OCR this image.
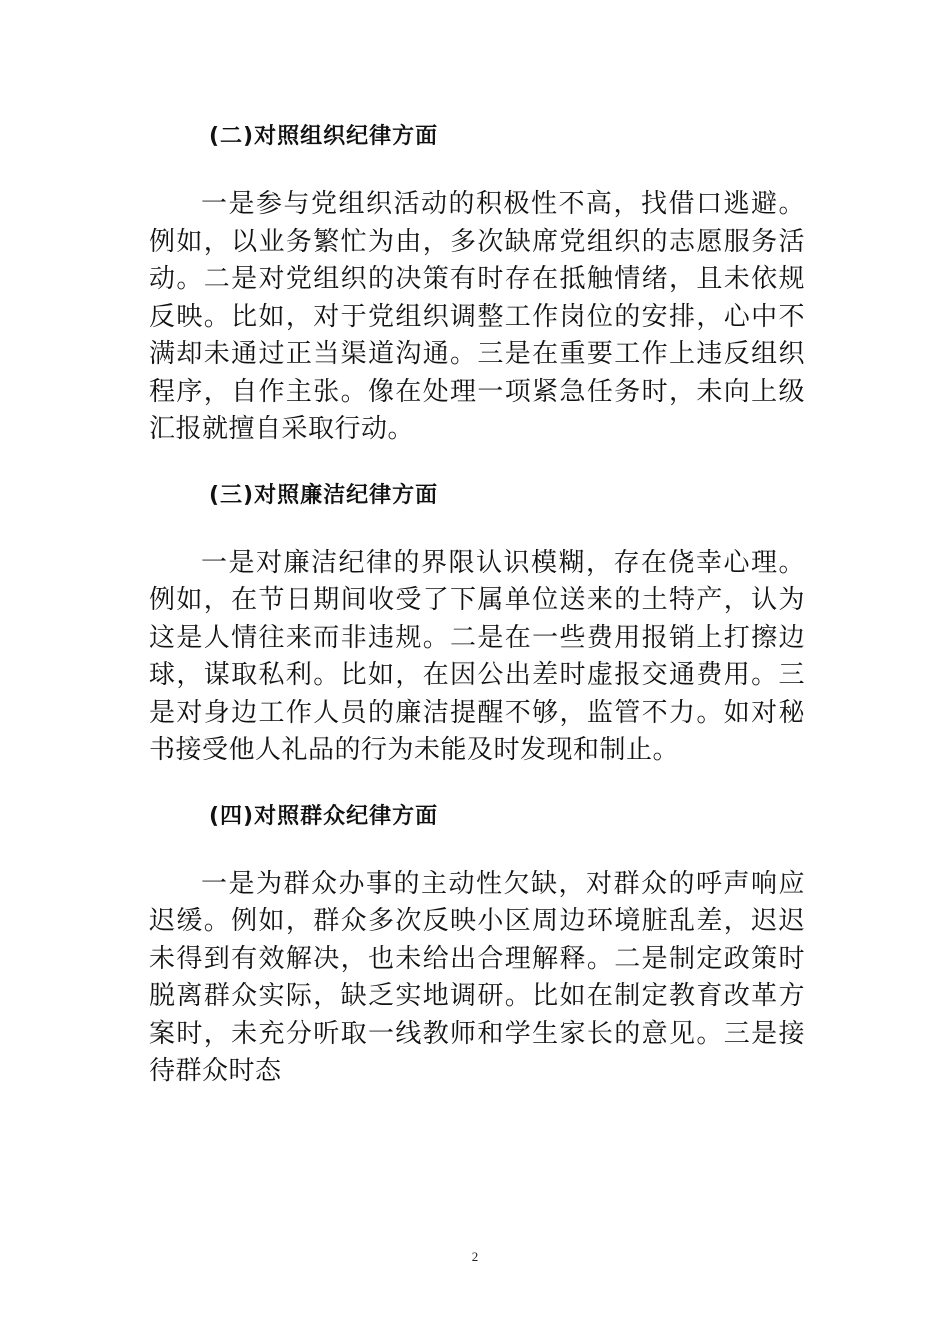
(二)对照组织纪律方面

一是参与党组织活动的积极性不高，找借口逃避。例如，以业务繁忙为由，多次缺席党组织的志愿服务活动。二是对党组织的决策有时存在抵触情绪，且未依规反映。比如，对于党组织调整工作岗位的安排，心中不满却未通过正当渠道沟通。三是在重要工作上违反组织程序，自作主张。像在处理一项紧急任务时，未向上级汇报就擅自采取行动。

(三)对照廉洁纪律方面

一是对廉洁纪律的界限认识模糊，存在侥幸心理。例如，在节日期间收受了下属单位送来的土特产，认为这是人情往来而非违规。二是在一些费用报销上打擦边球，谋取私利。比如，在因公出差时虚报交通费用。三是对身边工作人员的廉洁提醒不够，监管不力。如对秘书接受他人礼品的行为未能及时发现和制止。

(四)对照群众纪律方面

一是为群众办事的主动性欠缺，对群众的呼声响应迟缓。例如，群众多次反映小区周边环境脏乱差，迟迟未得到有效解决，也未给出合理解释。二是制定政策时脱离群众实际，缺乏实地调研。比如在制定教育改革方案时，未充分听取一线教师和学生家长的意见。三是接待群众时态

2
